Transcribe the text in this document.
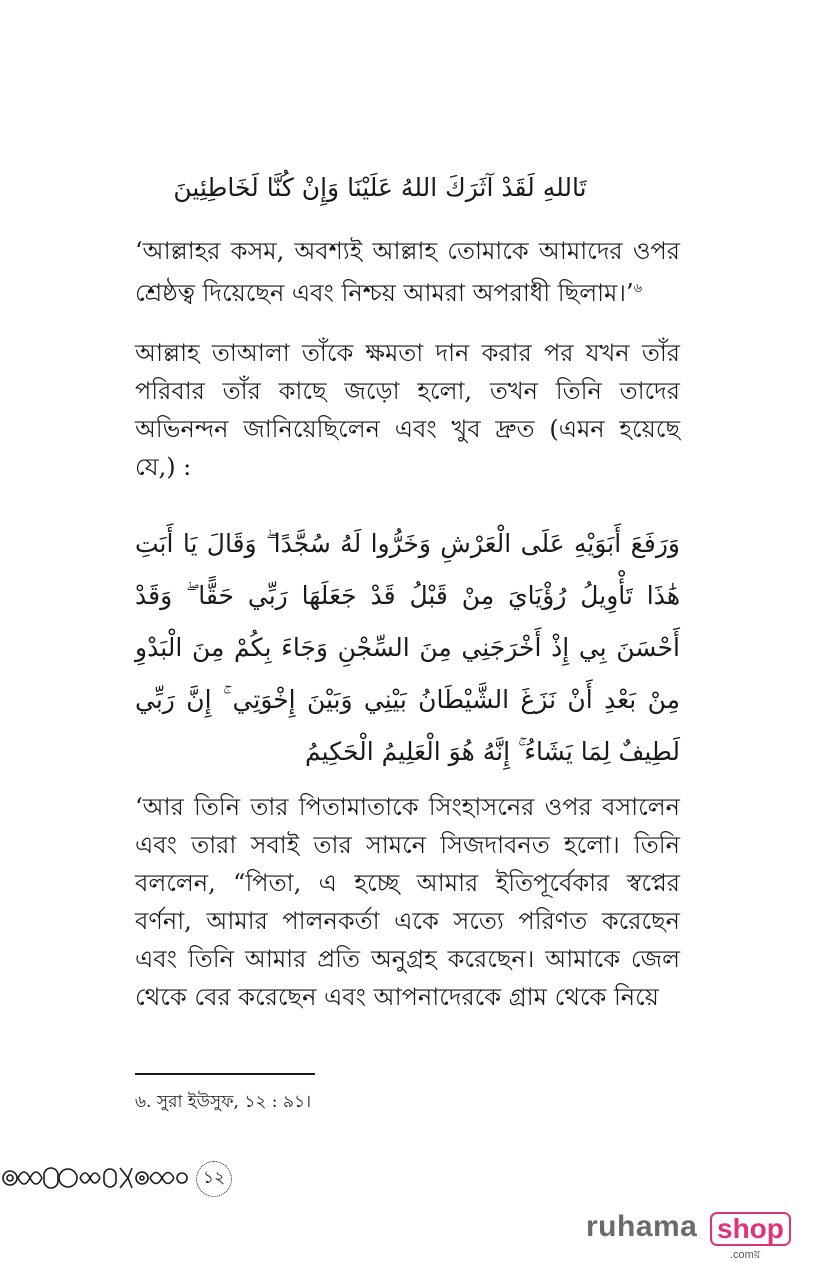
تَاللهِ لَقَدْ آثَرَكَ اللهُ عَلَيْنَا وَإِنْ كُنَّا لَخَاطِئِينَ
‘আল্লাহর কসম, অবশ্যই আল্লাহ তোমাকে আমাদের ওপর শ্রেষ্ঠত্ব দিয়েছেন এবং নিশ্চয় আমরা অপরাধী ছিলাম।’$^৬$
আল্লাহ তাআলা তাঁকে ক্ষমতা দান করার পর যখন তাঁর পরিবার তাঁর কাছে জড়ো হলো, তখন তিনি তাদের অভিনন্দন জানিয়েছিলেন এবং খুব দ্রুত (এমন হয়েছে যে,) :
وَرَفَعَ أَبَوَيْهِ عَلَى الْعَرْشِ وَخَرُّوا لَهُ سُجَّدًا ۖ وَقَالَ يَا أَبَتِ هَٰذَا تَأْوِيلُ رُؤْيَايَ مِنْ قَبْلُ قَدْ جَعَلَهَا رَبِّي حَقًّا ۖ وَقَدْ أَحْسَنَ بِي إِذْ أَخْرَجَنِي مِنَ السِّجْنِ وَجَاءَ بِكُمْ مِنَ الْبَدْوِ مِنْ بَعْدِ أَنْ نَزَغَ الشَّيْطَانُ بَيْنِي وَبَيْنَ إِخْوَتِي ۚ إِنَّ رَبِّي لَطِيفٌ لِمَا يَشَاءُ ۚ إِنَّهُ هُوَ الْعَلِيمُ الْحَكِيمُ
‘আর তিনি তার পিতামাতাকে সিংহাসনের ওপর বসালেন এবং তারা সবাই তার সামনে সিজদাবনত হলো। তিনি বললেন, “পিতা, এ হচ্ছে আমার ইতিপূর্বেকার স্বপ্নের বর্ণনা, আমার পালনকর্তা একে সত্যে পরিণত করেছেন এবং তিনি আমার প্রতি অনুগ্রহ করেছেন। আমাকে জেল থেকে বের করেছেন এবং আপনাদেরকে গ্রাম থেকে নিয়ে
৬. সুরা ইউসুফ, ১২ : ৯১।
১২
ruhama shop
.comয়
